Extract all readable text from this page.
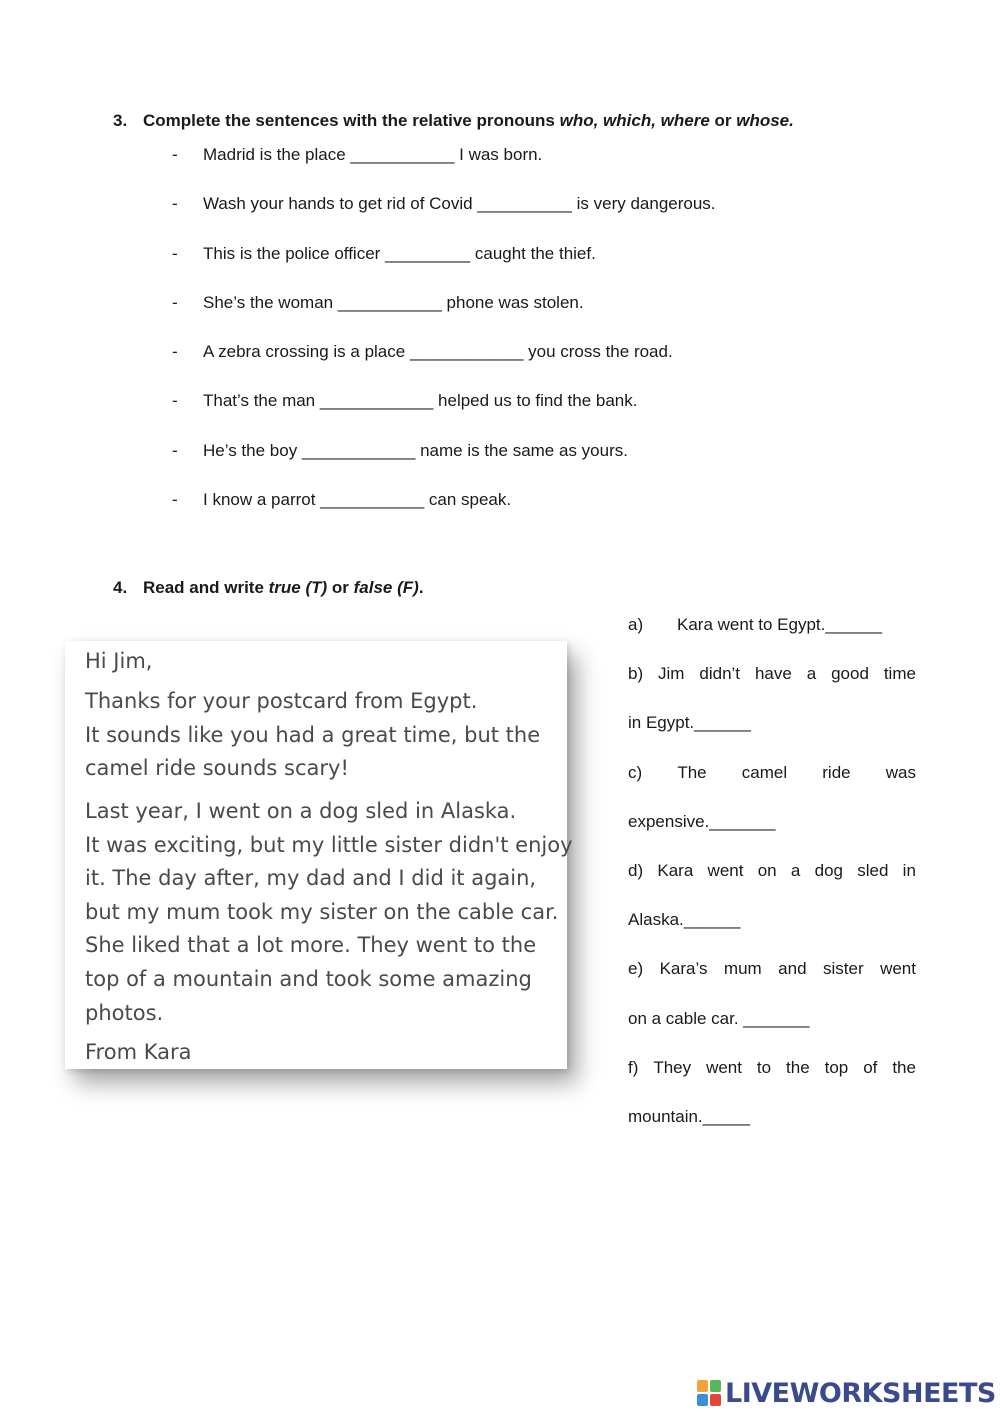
3. Complete the sentences with the relative pronouns who, which, where or whose.
- Madrid is the place ___________ I was born.
- Wash your hands to get rid of Covid __________ is very dangerous.
- This is the police officer _________ caught the thief.
- She’s the woman ___________ phone was stolen.
- A zebra crossing is a place ____________ you cross the road.
- That’s the man ____________ helped us to find the bank.
- He’s the boy ____________ name is the same as yours.
- I know a parrot ___________ can speak.
4. Read and write true (T) or false (F).
Hi Jim,
Thanks for your postcard from Egypt.
It sounds like you had a great time, but the
camel ride sounds scary!
Last year, I went on a dog sled in Alaska.
It was exciting, but my little sister didn't enjoy
it. The day after, my dad and I did it again,
but my mum took my sister on the cable car.
She liked that a lot more. They went to the
top of a mountain and took some amazing
photos.
From Kara
a) Kara went to Egypt.______
b) Jim didn’t have a good time
in Egypt.______
c) The camel ride was
expensive._______
d) Kara went on a dog sled in
Alaska.______
e) Kara’s mum and sister went
on a cable car. _______
f) They went to the top of the
mountain._____
LIVEWORKSHEETS
